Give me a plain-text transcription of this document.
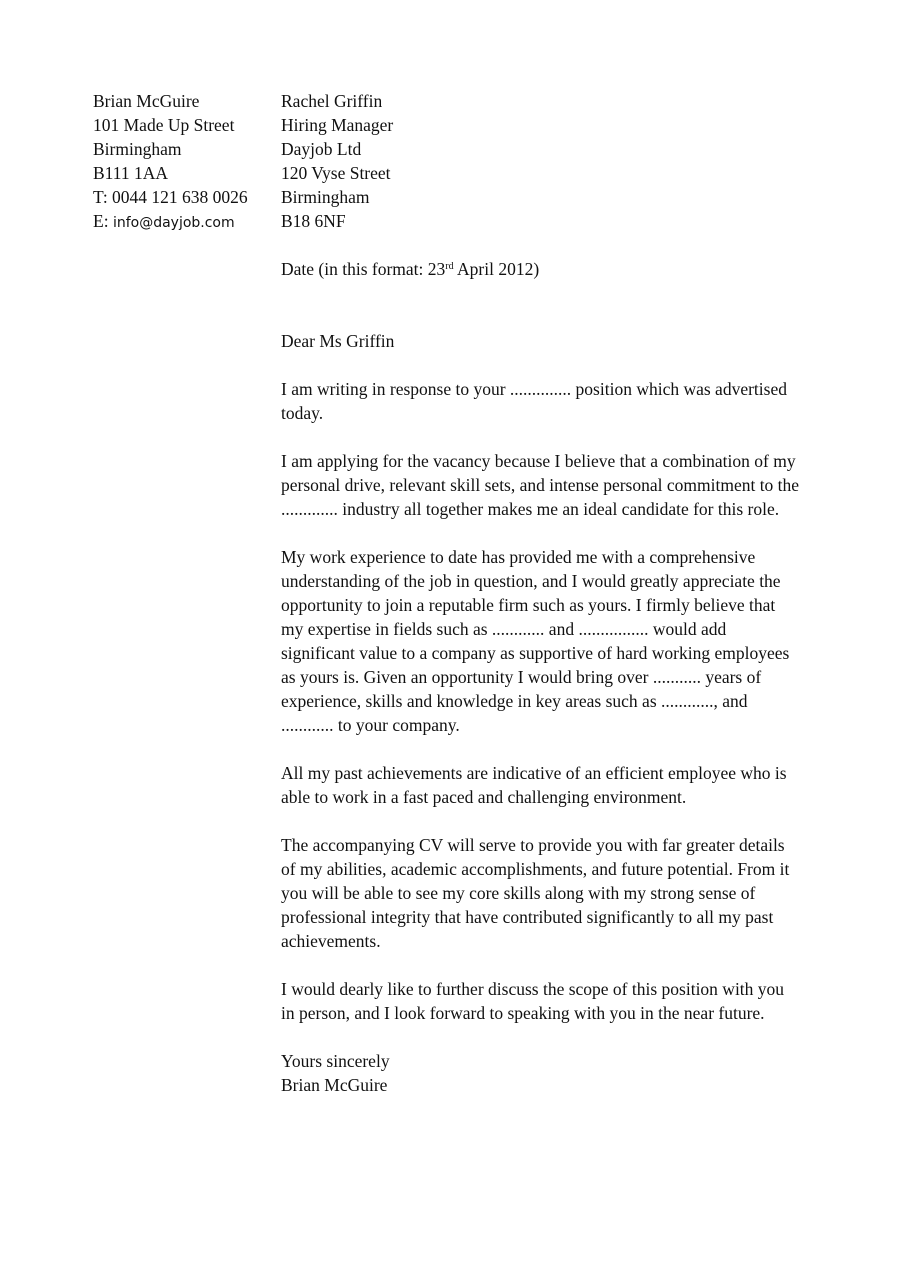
Brian McGuire
101 Made Up Street
Birmingham
B111 1AA
T: 0044 121 638 0026
E: info@dayjob.com
Rachel Griffin
Hiring Manager
Dayjob Ltd
120 Vyse Street
Birmingham
B18 6NF
Date (in this format: 23rd April 2012)

Dear Ms Griffin

I am writing in response to your .............. position which was advertised today.

I am applying for the vacancy because I believe that a combination of my personal drive, relevant skill sets, and intense personal commitment to the ............. industry all together makes me an ideal candidate for this role.

My work experience to date has provided me with a comprehensive understanding of the job in question, and I would greatly appreciate the opportunity to join a reputable firm such as yours. I firmly believe that my expertise in fields such as ............ and ................ would add significant value to a company as supportive of hard working employees as yours is. Given an opportunity I would bring over ........... years of experience, skills and knowledge in key areas such as ............, and ............ to your company.

All my past achievements are indicative of an efficient employee who is able to work in a fast paced and challenging environment.

The accompanying CV will serve to provide you with far greater details of my abilities, academic accomplishments, and future potential. From it you will be able to see my core skills along with my strong sense of professional integrity that have contributed significantly to all my past achievements.

I would dearly like to further discuss the scope of this position with you in person, and I look forward to speaking with you in the near future.

Yours sincerely

Brian McGuire
